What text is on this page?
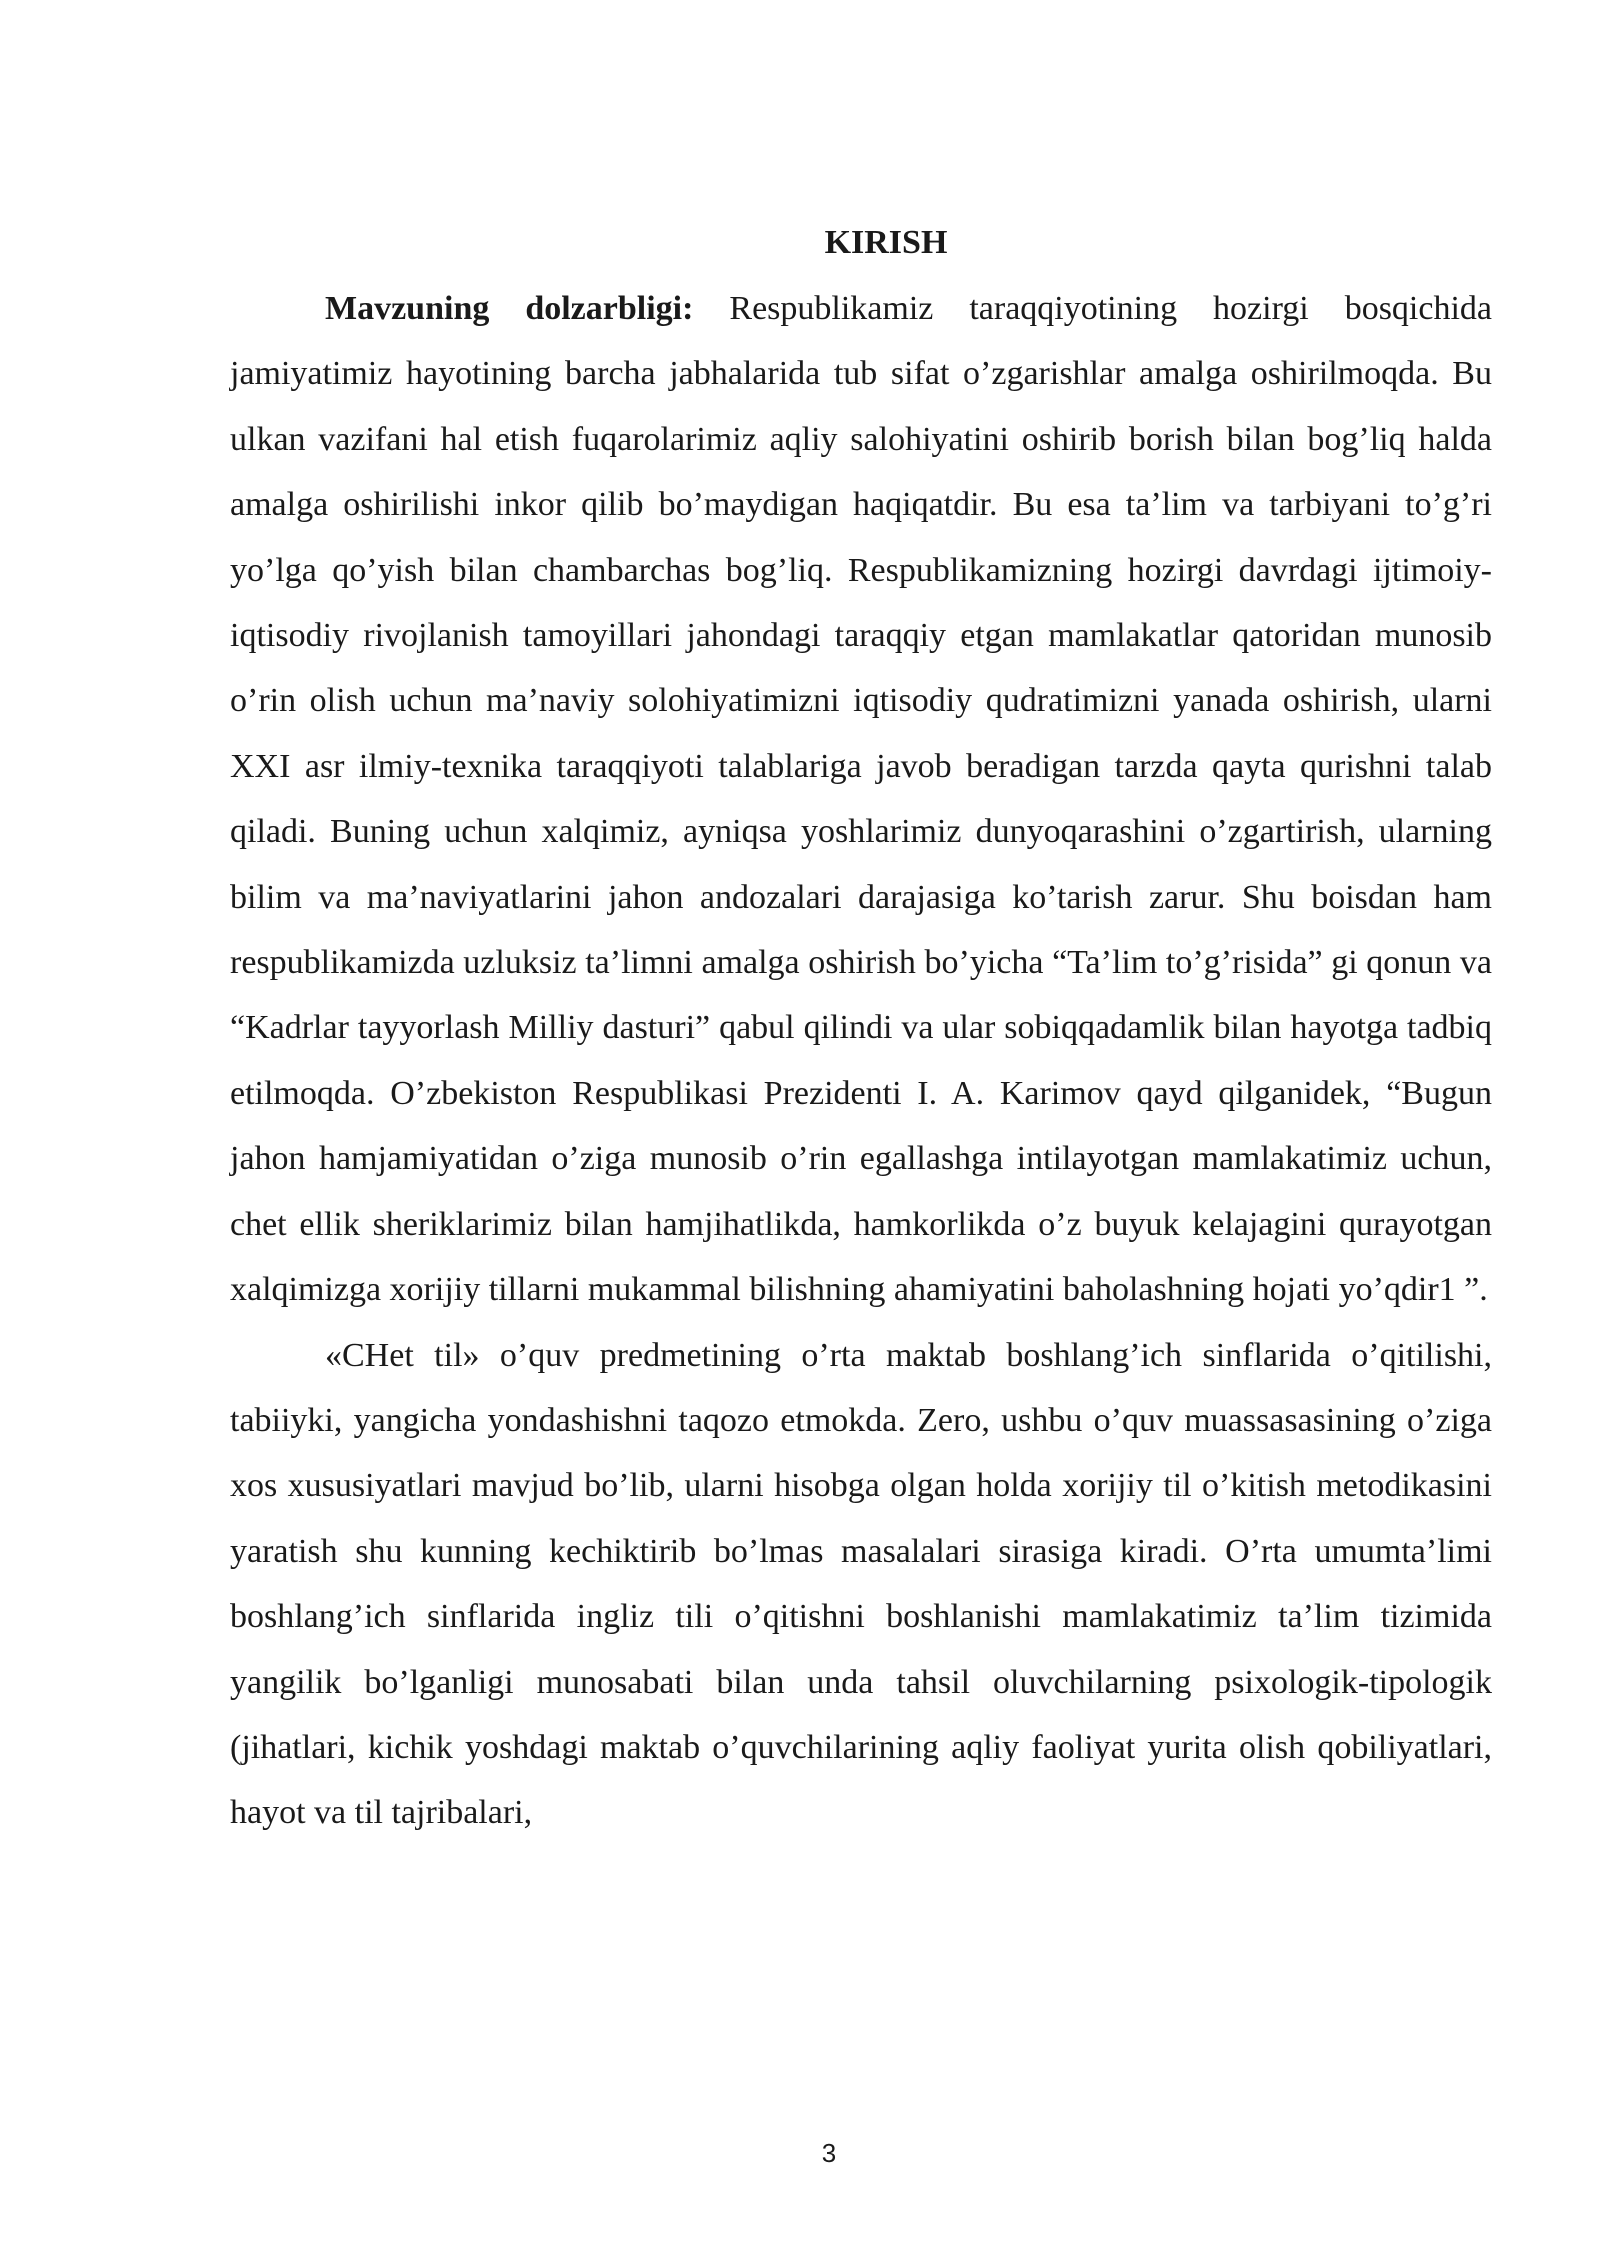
KIRISH

Mavzuning dolzarbligi: Respublikamiz taraqqiyotining hozirgi bosqichida jamiyatimiz hayotining barcha jabhalarida tub sifat o’zgarishlar amalga oshirilmoqda. Bu ulkan vazifani hal etish fuqarolarimiz aqliy salohiyatini oshirib borish bilan bog’liq halda amalga oshirilishi inkor qilib bo’maydigan haqiqatdir. Bu esa ta’lim va tarbiyani to’g’ri yo’lga qo’yish bilan chambarchas bog’liq. Respublikamizning hozirgi davrdagi ijtimoiy-iqtisodiy rivojlanish tamoyillari jahondagi taraqqiy etgan mamlakatlar qatoridan munosib o’rin olish uchun ma’naviy solohiyatimizni iqtisodiy qudratimizni yanada oshirish, ularni XXI asr ilmiy-texnika taraqqiyoti talablariga javob beradigan tarzda qayta qurishni talab qiladi. Buning uchun xalqimiz, ayniqsa yoshlarimiz dunyoqarashini o’zgartirish, ularning bilim va ma’naviyatlarini jahon andozalari darajasiga ko’tarish zarur. Shu boisdan ham respublikamizda uzluksiz ta’limni amalga oshirish bo’yicha “Ta’lim to’g’risida” gi qonun va “Kadrlar tayyorlash Milliy dasturi” qabul qilindi va ular sobiqqadamlik bilan hayotga tadbiq etilmoqda. O’zbekiston Respublikasi Prezidenti I. A. Karimov qayd qilganidek, “Bugun jahon hamjamiyatidan o’ziga munosib o’rin egallashga intilayotgan mamlakatimiz uchun, chet ellik sheriklarimiz bilan hamjihatlikda, hamkorlikda o’z buyuk kelajagini qurayotgan xalqimizga xorijiy tillarni mukammal bilishning ahamiyatini baholashning hojati yo’qdir1 ”.

«CHet til» o’quv predmetining o’rta maktab boshlang’ich sinflarida o’qitilishi, tabiiyki, yangicha yondashishni taqozo etmokda. Zero, ushbu o’quv muassasasining o’ziga xos xususiyatlari mavjud bo’lib, ularni hisobga olgan holda xorijiy til o’kitish metodikasini yaratish shu kunning kechiktirib bo’lmas masalalari sirasiga kiradi. O’rta umumta’limi boshlang’ich sinflarida ingliz tili o’qitishni boshlanishi mamlakatimiz ta’lim tizimida yangilik bo’lganligi munosabati bilan unda tahsil oluvchilarning psixologik-tipologik (jihatlari, kichik yoshdagi maktab o’quvchilarining aqliy faoliyat yurita olish qobiliyatlari, hayot va til tajribalari,

3
